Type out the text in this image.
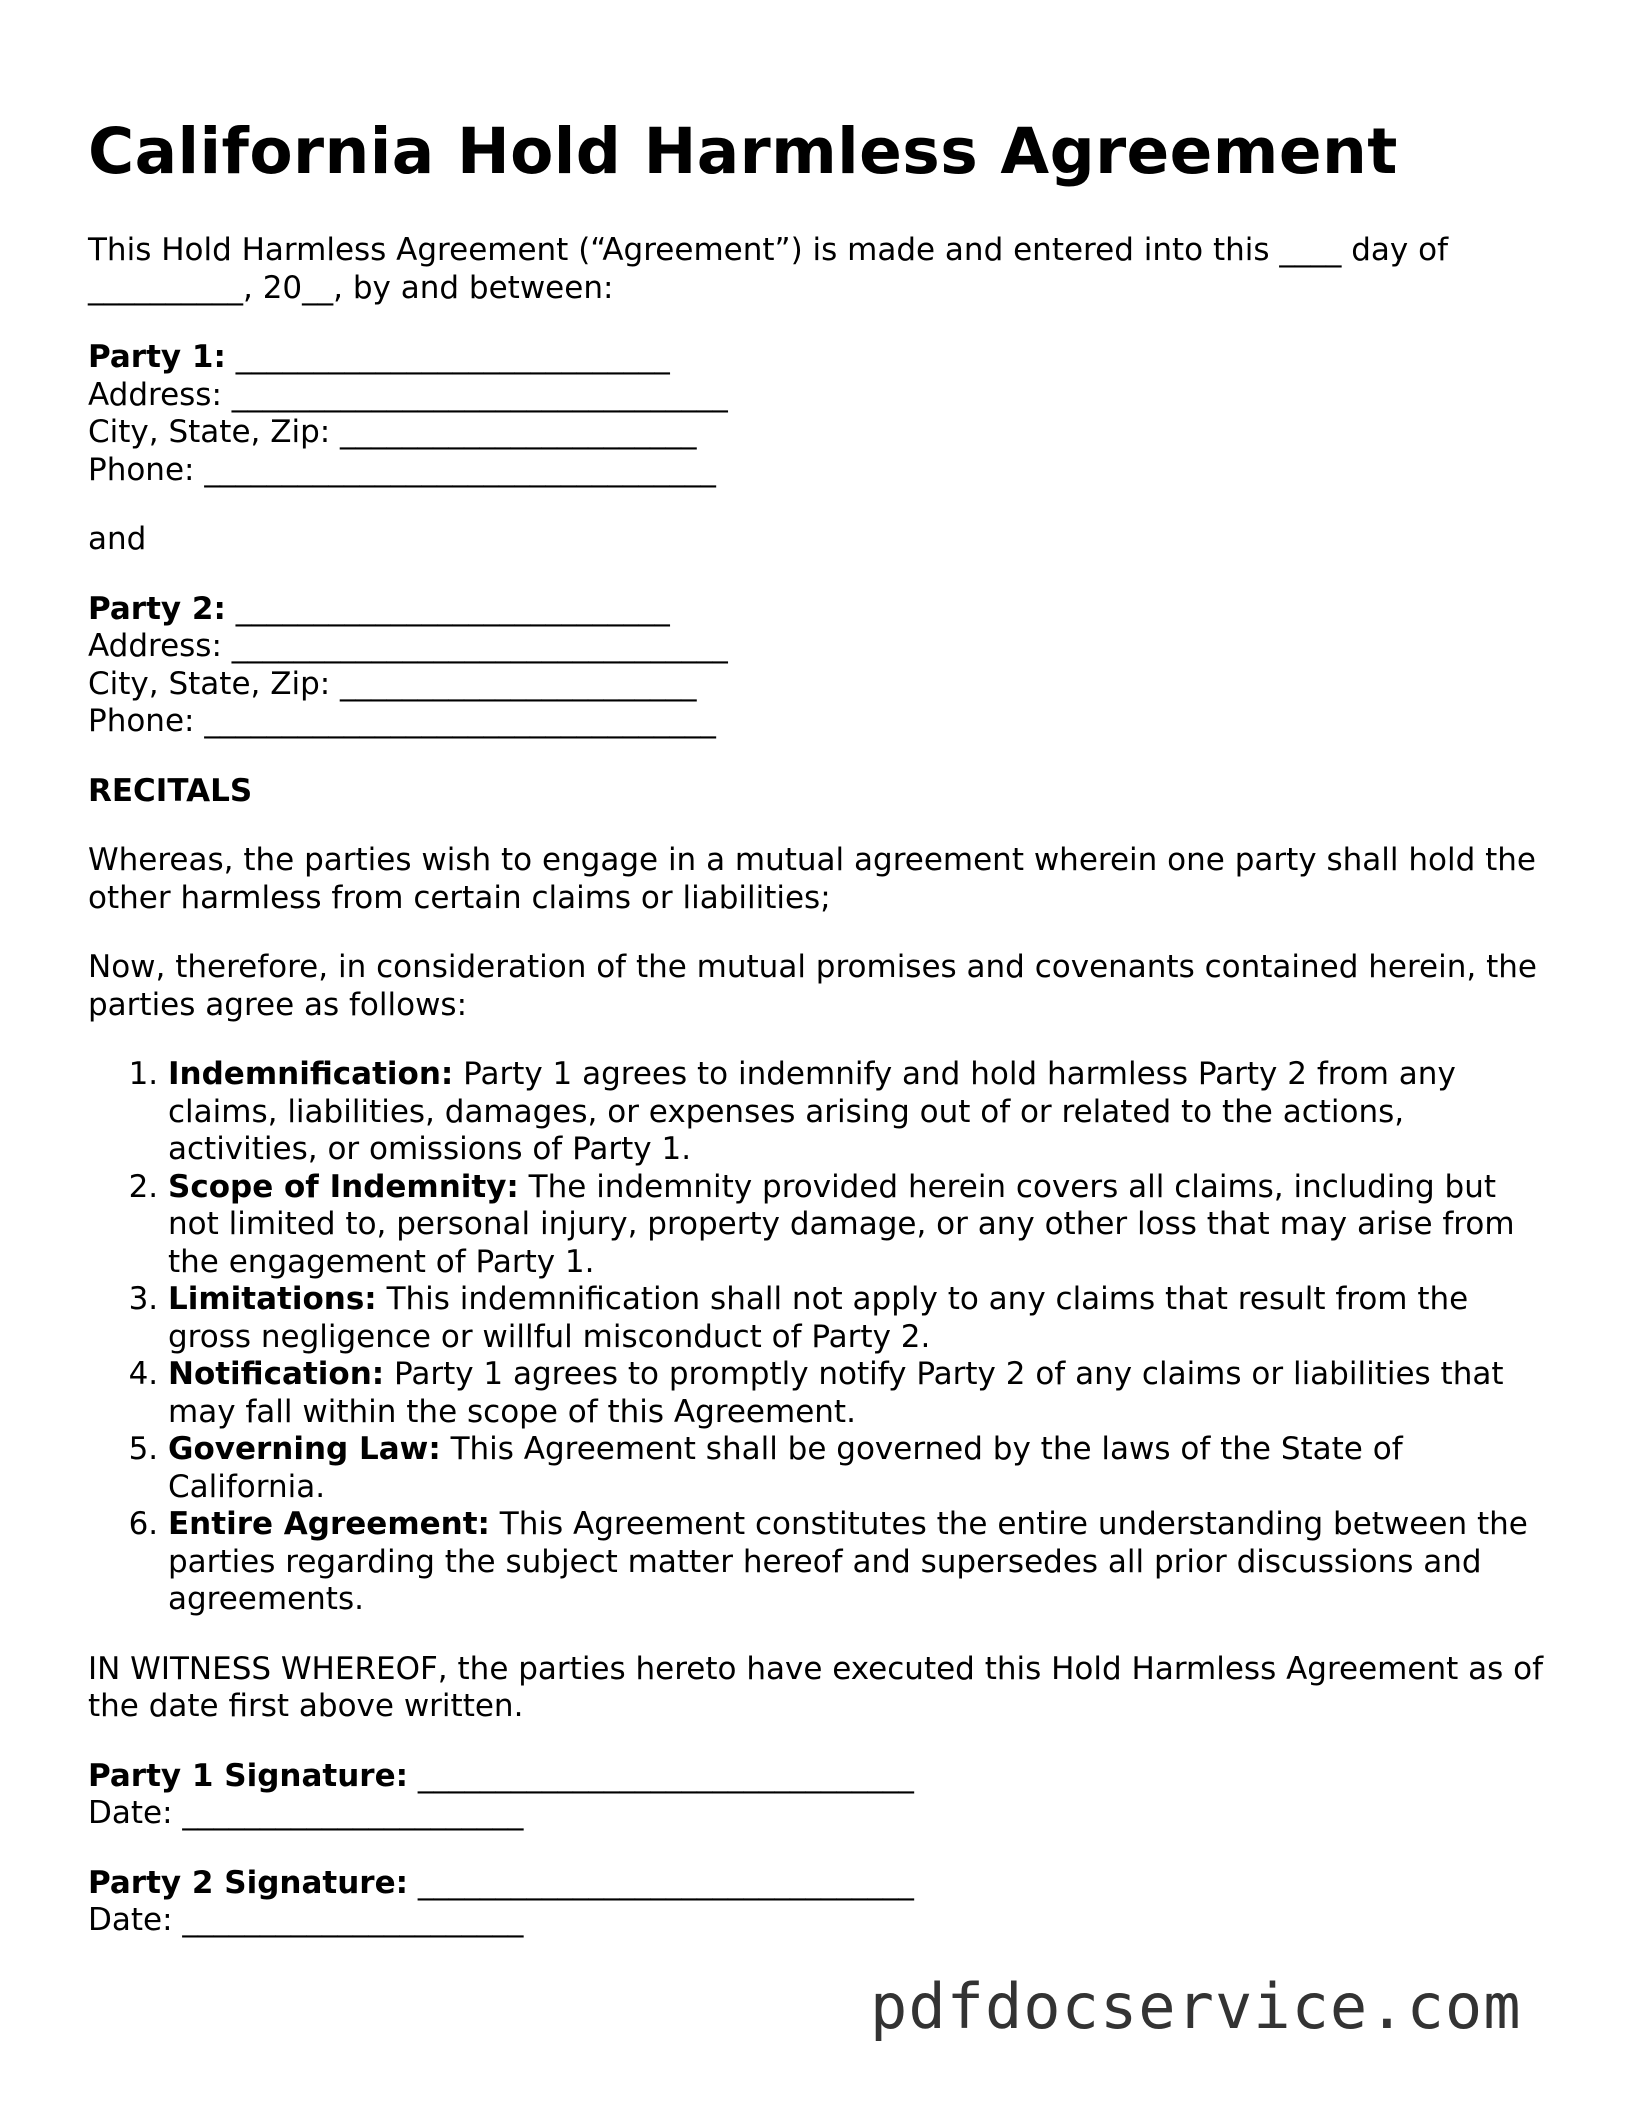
California Hold Harmless Agreement

This Hold Harmless Agreement (“Agreement”) is made and entered into this ____ day of
__________, 20__, by and between:

Party 1: ____________________________
Address: ________________________________
City, State, Zip: _______________________
Phone: _________________________________

and

Party 2: ____________________________
Address: ________________________________
City, State, Zip: _______________________
Phone: _________________________________

RECITALS

Whereas, the parties wish to engage in a mutual agreement wherein one party shall hold the other harmless from certain claims or liabilities;

Now, therefore, in consideration of the mutual promises and covenants contained herein, the parties agree as follows:

1. Indemnification: Party 1 agrees to indemnify and hold harmless Party 2 from any claims, liabilities, damages, or expenses arising out of or related to the actions, activities, or omissions of Party 1.
2. Scope of Indemnity: The indemnity provided herein covers all claims, including but not limited to, personal injury, property damage, or any other loss that may arise from the engagement of Party 1.
3. Limitations: This indemnification shall not apply to any claims that result from the gross negligence or willful misconduct of Party 2.
4. Notification: Party 1 agrees to promptly notify Party 2 of any claims or liabilities that may fall within the scope of this Agreement.
5. Governing Law: This Agreement shall be governed by the laws of the State of California.
6. Entire Agreement: This Agreement constitutes the entire understanding between the parties regarding the subject matter hereof and supersedes all prior discussions and agreements.

IN WITNESS WHEREOF, the parties hereto have executed this Hold Harmless Agreement as of the date first above written.

Party 1 Signature: ________________________________
Date: ______________________
Party 2 Signature: ________________________________
Date: ______________________
pdfdocservice.com
